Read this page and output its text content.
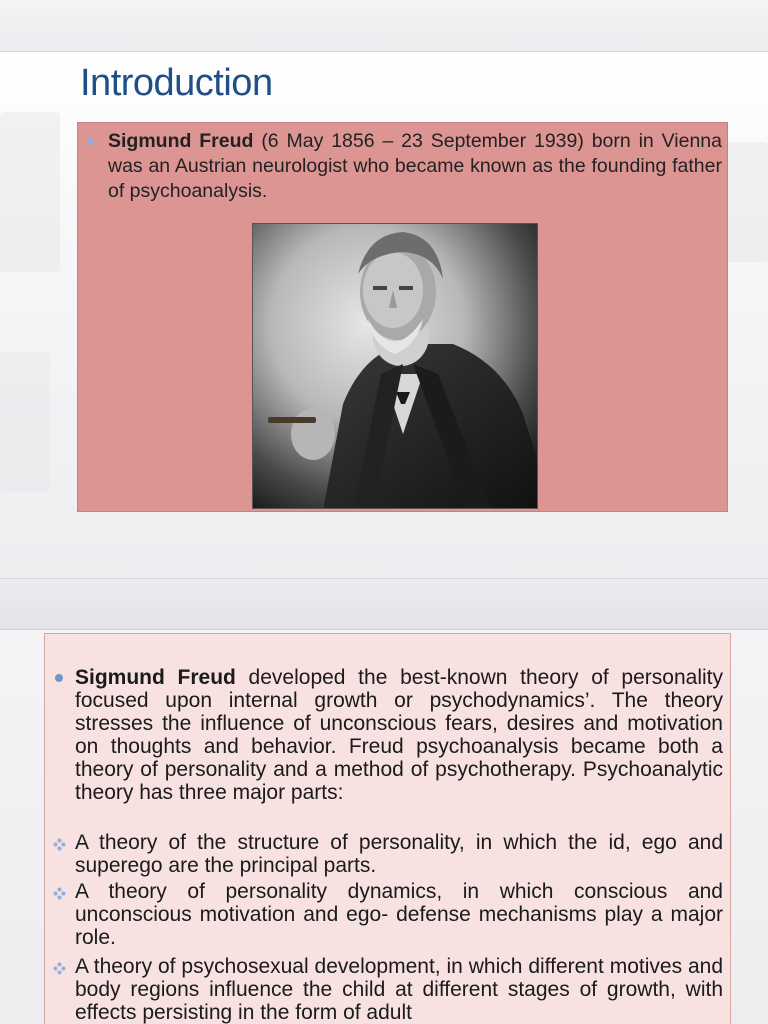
Introduction
Sigmund Freud (6 May 1856 – 23 September 1939) born in Vienna was an Austrian neurologist who became known as the founding father of psychoanalysis.
Sigmund Freud developed the best-known theory of personality focused upon internal growth or psychodynamics’. The theory stresses the influence of unconscious fears, desires and motivation on thoughts and behavior. Freud psychoanalysis became both a theory of personality and a method of psychotherapy. Psychoanalytic theory has three major parts:
A theory of the structure of personality, in which the id, ego and superego are the principal parts.
A theory of personality dynamics, in which conscious and unconscious motivation and ego- defense mechanisms play a major role.
A theory of psychosexual development, in which different motives and body regions influence the child at different stages of growth, with effects persisting in the form of adult
